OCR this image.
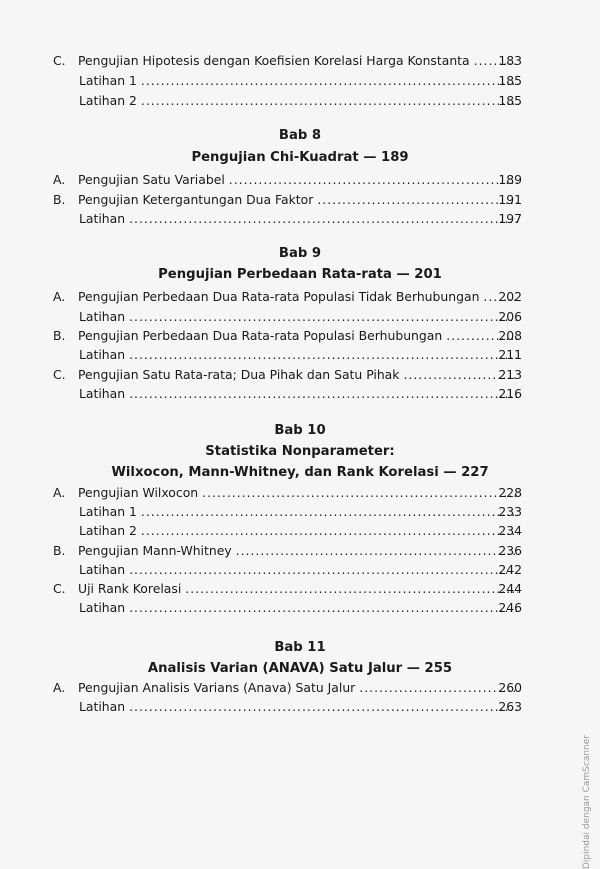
C. Pengujian Hipotesis dengan Koefisien Korelasi Harga Konstanta ..... 183
Latihan 1 .....	185
Latihan 2 .....	185
Bab 8
Pengujian Chi-Kuadrat — 189
A. Pengujian Satu Variabel .....	189
B. Pengujian Ketergantungan Dua Faktor .....	191
Latihan .....	197
Bab 9
Pengujian Perbedaan Rata-rata — 201
A. Pengujian Perbedaan Dua Rata-rata Populasi Tidak Berhubungan ..... 202
Latihan .....	206
B. Pengujian Perbedaan Dua Rata-rata Populasi Berhubungan .....	208
Latihan .....	211
C. Pengujian Satu Rata-rata; Dua Pihak dan Satu Pihak .....	213
Latihan .....	216
Bab 10
Statistika Nonparameter:
Wilxocon, Mann-Whitney, dan Rank Korelasi — 227
A. Pengujian Wilxocon .....	228
Latihan 1 .....	233
Latihan 2 .....	234
B. Pengujian Mann-Whitney .....	236
Latihan .....	242
C. Uji Rank Korelasi .....	244
Latihan .....	246
Bab 11
Analisis Varian (ANAVA) Satu Jalur — 255
A. Pengujian Analisis Varians (Anava) Satu Jalur .....	260
Latihan .....	263
Dipindai dengan CamScanner
